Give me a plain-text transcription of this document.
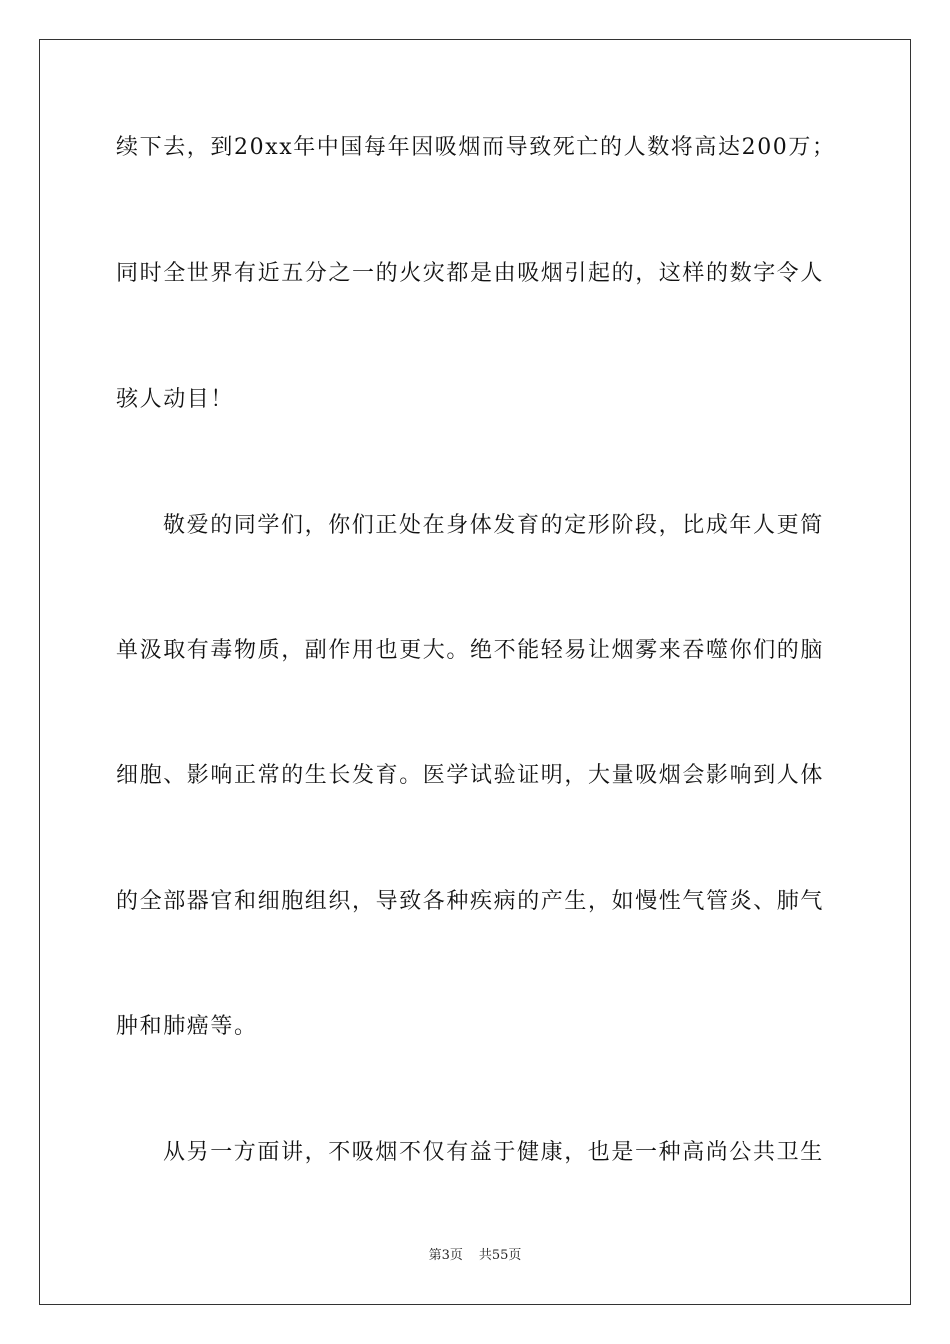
续下去，到20xx年中国每年因吸烟而导致死亡的人数将高达200万；
同时全世界有近五分之一的火灾都是由吸烟引起的，这样的数字令人
骇人动目！
敬爱的同学们，你们正处在身体发育的定形阶段，比成年人更简
单汲取有毒物质，副作用也更大。绝不能轻易让烟雾来吞噬你们的脑
细胞、影响正常的生长发育。医学试验证明，大量吸烟会影响到人体
的全部器官和细胞组织，导致各种疾病的产生，如慢性气管炎、肺气
肿和肺癌等。
从另一方面讲，不吸烟不仅有益于健康，也是一种高尚公共卫生
第3页 共55页
